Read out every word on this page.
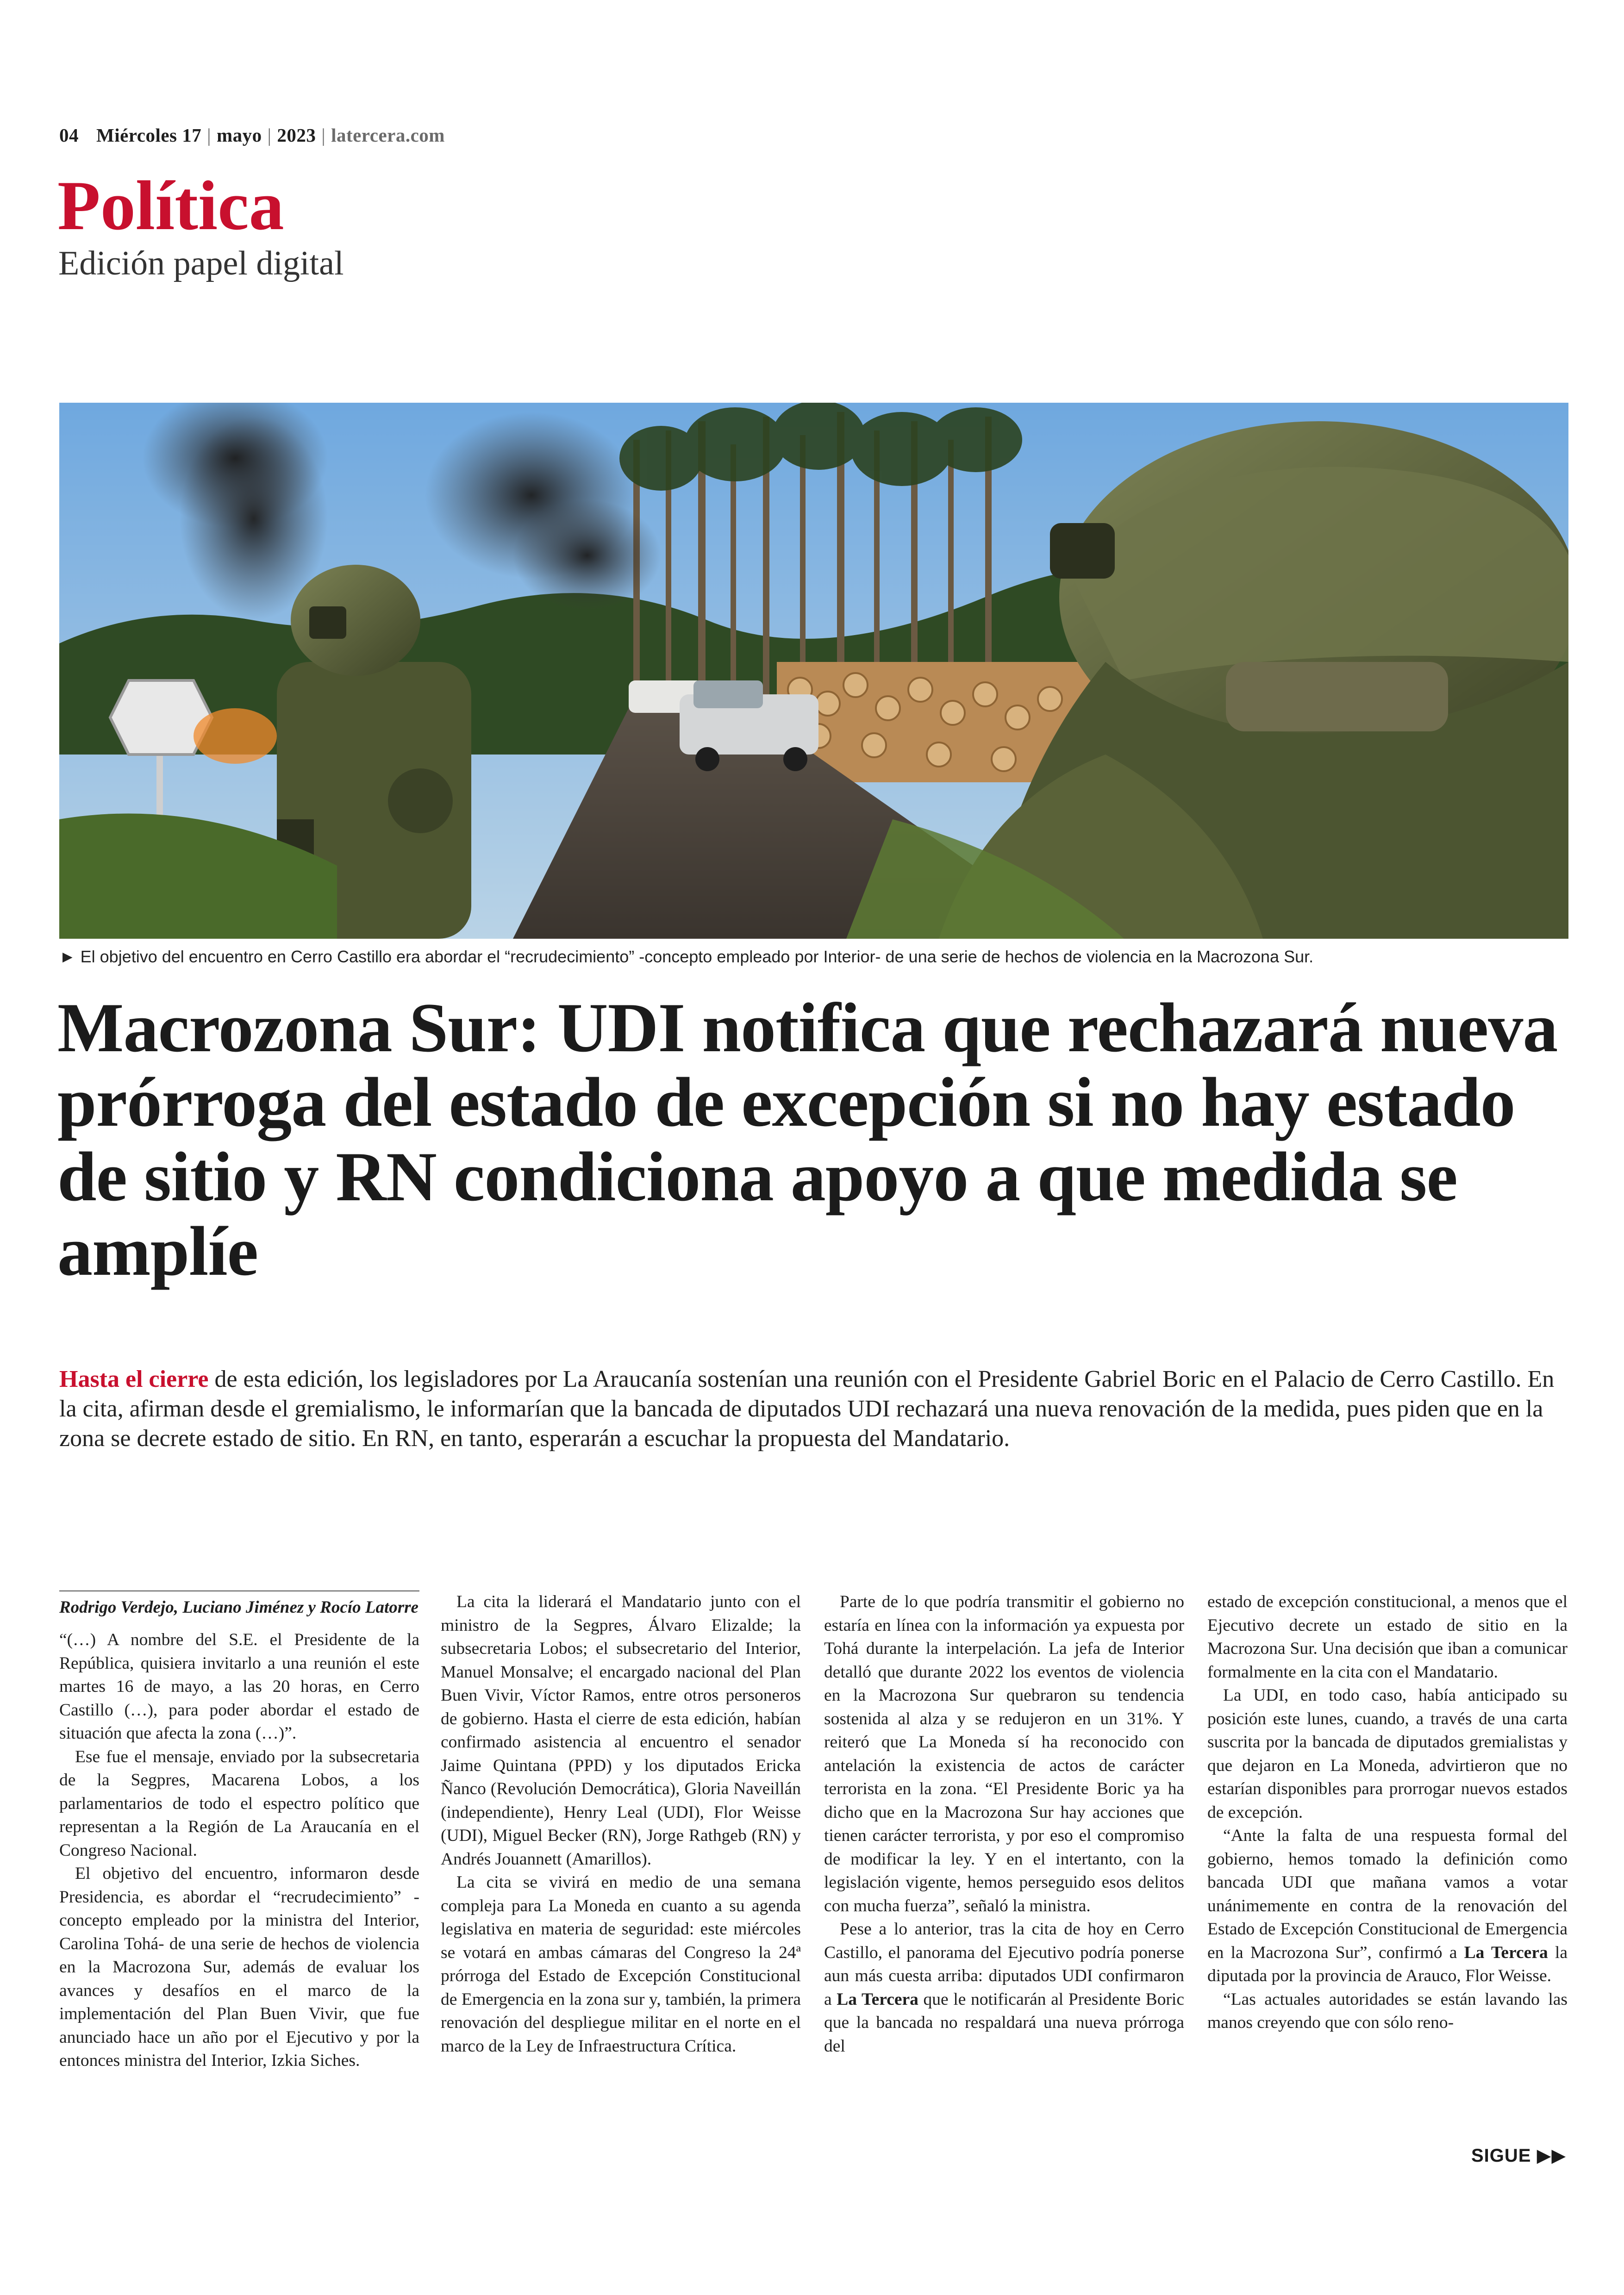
04 Miércoles 17 | mayo | 2023 | latercera.com
Política
Edición papel digital
► El objetivo del encuentro en Cerro Castillo era abordar el “recrudecimiento” -concepto empleado por Interior- de una serie de hechos de violencia en la Macrozona Sur.
Macrozona Sur: UDI notifica que rechazará nueva prórroga del estado de excepción si no hay estado de sitio y RN condiciona apoyo a que medida se amplíe

Hasta el cierre de esta edición, los legisladores por La Araucanía sostenían una reunión con el Presidente Gabriel Boric en el Palacio de Cerro Castillo. En la cita, afirman desde el gremialismo, le informarían que la bancada de diputados UDI rechazará una nueva renovación de la medida, pues piden que en la zona se decrete estado de sitio. En RN, en tanto, esperarán a escuchar la propuesta del Mandatario.

Rodrigo Verdejo, Luciano Jiménez y Rocío Latorre

“(…) A nombre del S.E. el Presidente de la República, quisiera invitarlo a una reunión el este martes 16 de mayo, a las 20 horas, en Cerro Castillo (…), para poder abordar el estado de situación que afecta la zona (…)”.

Ese fue el mensaje, enviado por la subsecretaria de la Segpres, Macarena Lobos, a los parlamentarios de todo el espectro político que representan a la Región de La Araucanía en el Congreso Nacional.

El objetivo del encuentro, informaron desde Presidencia, es abordar el “recrudecimiento” -concepto empleado por la ministra del Interior, Carolina Tohá- de una serie de hechos de violencia en la Macrozona Sur, además de evaluar los avances y desafíos en el marco de la implementación del Plan Buen Vivir, que fue anunciado hace un año por el Ejecutivo y por la entonces ministra del Interior, Izkia Siches.

La cita la liderará el Mandatario junto con el ministro de la Segpres, Álvaro Elizalde; la subsecretaria Lobos; el subsecretario del Interior, Manuel Monsalve; el encargado nacional del Plan Buen Vivir, Víctor Ramos, entre otros personeros de gobierno. Hasta el cierre de esta edición, habían confirmado asistencia al encuentro el senador Jaime Quintana (PPD) y los diputados Ericka Ñanco (Revolución Democrática), Gloria Naveillán (independiente), Henry Leal (UDI), Flor Weisse (UDI), Miguel Becker (RN), Jorge Rathgeb (RN) y Andrés Jouannett (Amarillos).

La cita se vivirá en medio de una semana compleja para La Moneda en cuanto a su agenda legislativa en materia de seguridad: este miércoles se votará en ambas cámaras del Congreso la 24ª prórroga del Estado de Excepción Constitucional de Emergencia en la zona sur y, también, la primera renovación del despliegue militar en el norte en el marco de la Ley de Infraestructura Crítica.

Parte de lo que podría transmitir el gobierno no estaría en línea con la información ya expuesta por Tohá durante la interpelación. La jefa de Interior detalló que durante 2022 los eventos de violencia en la Macrozona Sur quebraron su tendencia sostenida al alza y se redujeron en un 31%. Y reiteró que La Moneda sí ha reconocido con antelación la existencia de actos de carácter terrorista en la zona. “El Presidente Boric ya ha dicho que en la Macrozona Sur hay acciones que tienen carácter terrorista, y por eso el compromiso de modificar la ley. Y en el intertanto, con la legislación vigente, hemos perseguido esos delitos con mucha fuerza”, señaló la ministra.

Pese a lo anterior, tras la cita de hoy en Cerro Castillo, el panorama del Ejecutivo podría ponerse aun más cuesta arriba: diputados UDI confirmaron a La Tercera que le notificarán al Presidente Boric que la bancada no respaldará una nueva prórroga del

estado de excepción constitucional, a menos que el Ejecutivo decrete un estado de sitio en la Macrozona Sur. Una decisión que iban a comunicar formalmente en la cita con el Mandatario.

La UDI, en todo caso, había anticipado su posición este lunes, cuando, a través de una carta suscrita por la bancada de diputados gremialistas y que dejaron en La Moneda, advirtieron que no estarían disponibles para prorrogar nuevos estados de excepción.

“Ante la falta de una respuesta formal del gobierno, hemos tomado la definición como bancada UDI que mañana vamos a votar unánimemente en contra de la renovación del Estado de Excepción Constitucional de Emergencia en la Macrozona Sur”, confirmó a La Tercera la diputada por la provincia de Arauco, Flor Weisse.

“Las actuales autoridades se están lavando las manos creyendo que con sólo reno-

SIGUE ▶▶
